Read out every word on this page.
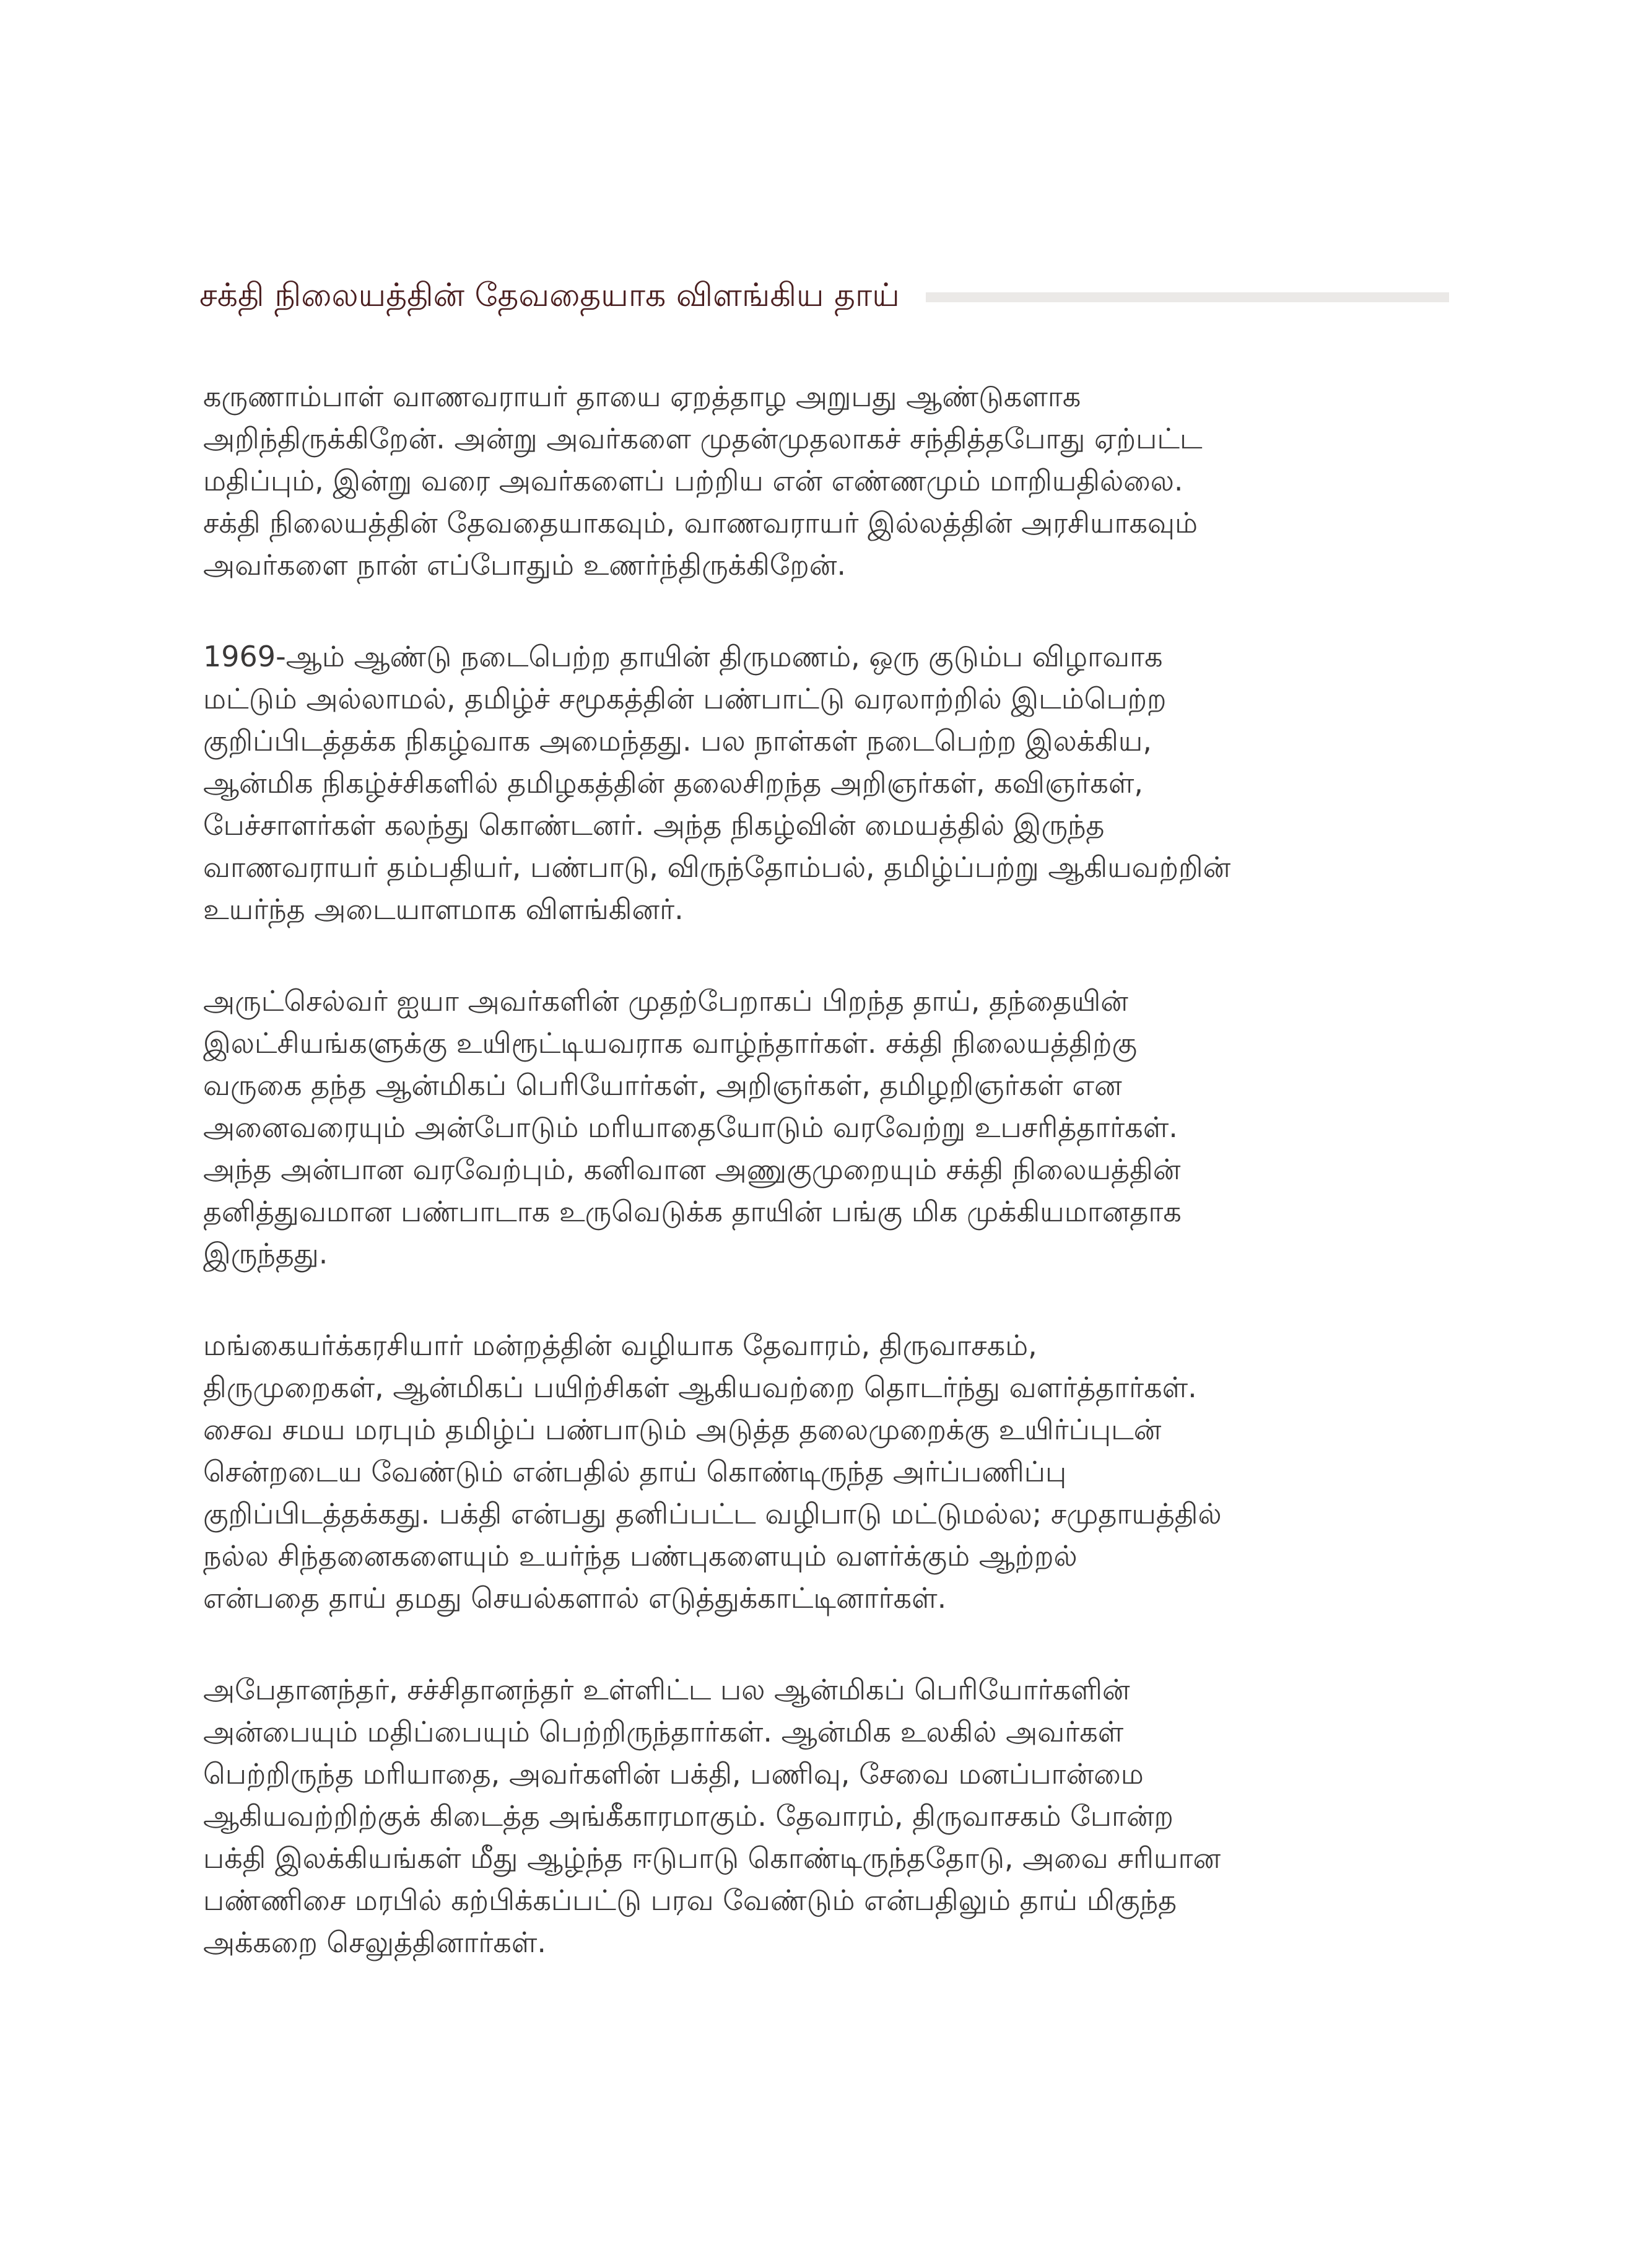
சக்தி நிலையத்தின் தேவதையாக விளங்கிய தாய்

கருணாம்பாள் வாணவராயர் தாயை ஏறத்தாழ அறுபது ஆண்டுகளாக
அறிந்திருக்கிறேன். அன்று அவர்களை முதன்முதலாகச் சந்தித்தபோது ஏற்பட்ட
மதிப்பும், இன்று வரை அவர்களைப் பற்றிய என் எண்ணமும் மாறியதில்லை.
சக்தி நிலையத்தின் தேவதையாகவும், வாணவராயர் இல்லத்தின் அரசியாகவும்
அவர்களை நான் எப்போதும் உணர்ந்திருக்கிறேன்.

1969-ஆம் ஆண்டு நடைபெற்ற தாயின் திருமணம், ஒரு குடும்ப விழாவாக
மட்டும் அல்லாமல், தமிழ்ச் சமூகத்தின் பண்பாட்டு வரலாற்றில் இடம்பெற்ற
குறிப்பிடத்தக்க நிகழ்வாக அமைந்தது. பல நாள்கள் நடைபெற்ற இலக்கிய,
ஆன்மிக நிகழ்ச்சிகளில் தமிழகத்தின் தலைசிறந்த அறிஞர்கள், கவிஞர்கள்,
பேச்சாளர்கள் கலந்து கொண்டனர். அந்த நிகழ்வின் மையத்தில் இருந்த
வாணவராயர் தம்பதியர், பண்பாடு, விருந்தோம்பல், தமிழ்ப்பற்று ஆகியவற்றின்
உயர்ந்த அடையாளமாக விளங்கினர்.

அருட்செல்வர் ஐயா அவர்களின் முதற்பேறாகப் பிறந்த தாய், தந்தையின்
இலட்சியங்களுக்கு உயிரூட்டியவராக வாழ்ந்தார்கள். சக்தி நிலையத்திற்கு
வருகை தந்த ஆன்மிகப் பெரியோர்கள், அறிஞர்கள், தமிழறிஞர்கள் என
அனைவரையும் அன்போடும் மரியாதையோடும் வரவேற்று உபசரித்தார்கள்.
அந்த அன்பான வரவேற்பும், கனிவான அணுகுமுறையும் சக்தி நிலையத்தின்
தனித்துவமான பண்பாடாக உருவெடுக்க தாயின் பங்கு மிக முக்கியமானதாக
இருந்தது.

மங்கையர்க்கரசியார் மன்றத்தின் வழியாக தேவாரம், திருவாசகம்,
திருமுறைகள், ஆன்மிகப் பயிற்சிகள் ஆகியவற்றை தொடர்ந்து வளர்த்தார்கள்.
சைவ சமய மரபும் தமிழ்ப் பண்பாடும் அடுத்த தலைமுறைக்கு உயிர்ப்புடன்
சென்றடைய வேண்டும் என்பதில் தாய் கொண்டிருந்த அர்ப்பணிப்பு
குறிப்பிடத்தக்கது. பக்தி என்பது தனிப்பட்ட வழிபாடு மட்டுமல்ல; சமுதாயத்தில்
நல்ல சிந்தனைகளையும் உயர்ந்த பண்புகளையும் வளர்க்கும் ஆற்றல்
என்பதை தாய் தமது செயல்களால் எடுத்துக்காட்டினார்கள்.

அபேதானந்தர், சச்சிதானந்தர் உள்ளிட்ட பல ஆன்மிகப் பெரியோர்களின்
அன்பையும் மதிப்பையும் பெற்றிருந்தார்கள். ஆன்மிக உலகில் அவர்கள்
பெற்றிருந்த மரியாதை, அவர்களின் பக்தி, பணிவு, சேவை மனப்பான்மை
ஆகியவற்றிற்குக் கிடைத்த அங்கீகாரமாகும். தேவாரம், திருவாசகம் போன்ற
பக்தி இலக்கியங்கள் மீது ஆழ்ந்த ஈடுபாடு கொண்டிருந்ததோடு, அவை சரியான
பண்ணிசை மரபில் கற்பிக்கப்பட்டு பரவ வேண்டும் என்பதிலும் தாய் மிகுந்த
அக்கறை செலுத்தினார்கள்.
